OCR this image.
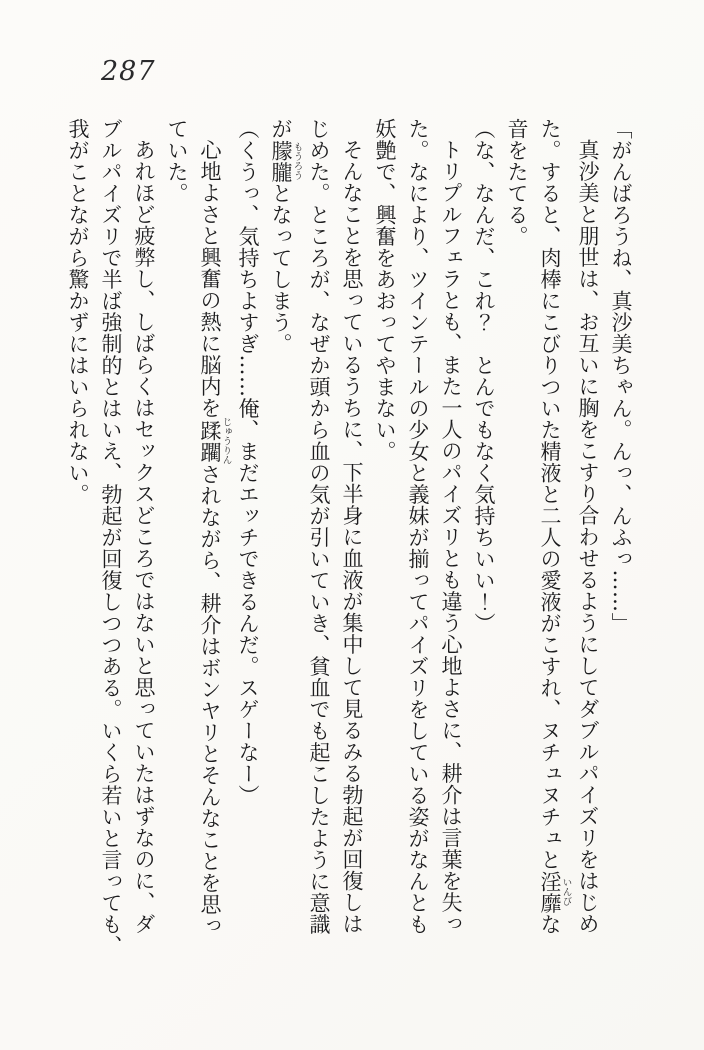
287
「がんばろうね、真沙美ちゃん。んっ、んふっ……」
真沙美と朋世は、お互いに胸をこすり合わせるようにしてダブルパイズリをはじめ
た。すると、肉棒にこびりついた精液と二人の愛液がこすれ、ヌチュヌチュと淫靡いんびな
音をたてる。
（な、なんだ、これ？　とんでもなく気持ちいい！）
トリプルフェラとも、また一人のパイズリとも違う心地よさに、耕介は言葉を失っ
た。なにより、ツインテールの少女と義妹が揃ってパイズリをしている姿がなんとも
妖艶で、興奮をあおってやまない。
そんなことを思っているうちに、下半身に血液が集中して見るみる勃起が回復しは
じめた。ところが、なぜか頭から血の気が引いていき、貧血でも起こしたように意識
が朦朧もうろうとなってしまう。
（くうっ、気持ちよすぎ……俺、まだエッチできるんだ。スゲーなー）
心地よさと興奮の熱に脳内を蹂躙じゅうりんされながら、耕介はボンヤリとそんなことを思っ
ていた。
あれほど疲弊し、しばらくはセックスどころではないと思っていたはずなのに、ダ
ブルパイズリで半ば強制的とはいえ、勃起が回復しつつある。いくら若いと言っても、
我がことながら驚かずにはいられない。
